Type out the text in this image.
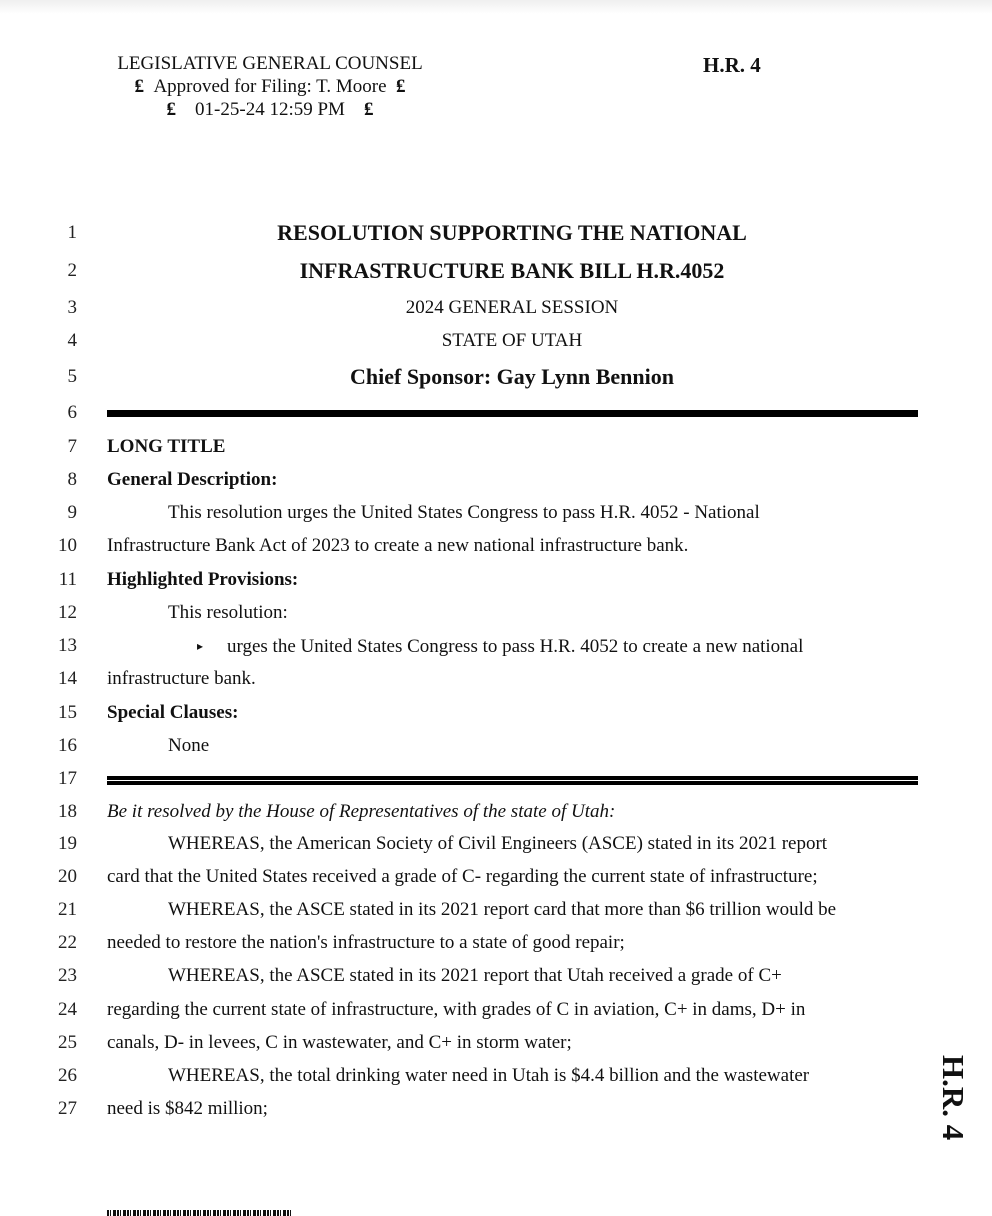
LEGISLATIVE GENERAL COUNSEL
₤ Approved for Filing: T. Moore ₤
₤ 01-25-24 12:59 PM ₤
H.R. 4
1	RESOLUTION SUPPORTING THE NATIONAL
2	INFRASTRUCTURE BANK BILL H.R.4052
3	2024 GENERAL SESSION
4	STATE OF UTAH
5	Chief Sponsor: Gay Lynn Bennion
6
7 LONG TITLE
8 General Description:
9	This resolution urges the United States Congress to pass H.R. 4052 - National
10 Infrastructure Bank Act of 2023 to create a new national infrastructure bank.
11 Highlighted Provisions:
12	This resolution:
13	▸ urges the United States Congress to pass H.R. 4052 to create a new national
14 infrastructure bank.
15 Special Clauses:
16	None
17
18 Be it resolved by the House of Representatives of the state of Utah:
19	WHEREAS, the American Society of Civil Engineers (ASCE) stated in its 2021 report
20 card that the United States received a grade of C- regarding the current state of infrastructure;
21	WHEREAS, the ASCE stated in its 2021 report card that more than $6 trillion would be
22 needed to restore the nation's infrastructure to a state of good repair;
23	WHEREAS, the ASCE stated in its 2021 report that Utah received a grade of C+
24 regarding the current state of infrastructure, with grades of C in aviation, C+ in dams, D+ in
25 canals, D- in levees, C in wastewater, and C+ in storm water;
26	WHEREAS, the total drinking water need in Utah is $4.4 billion and the wastewater
27 need is $842 million;	H.R. 4
